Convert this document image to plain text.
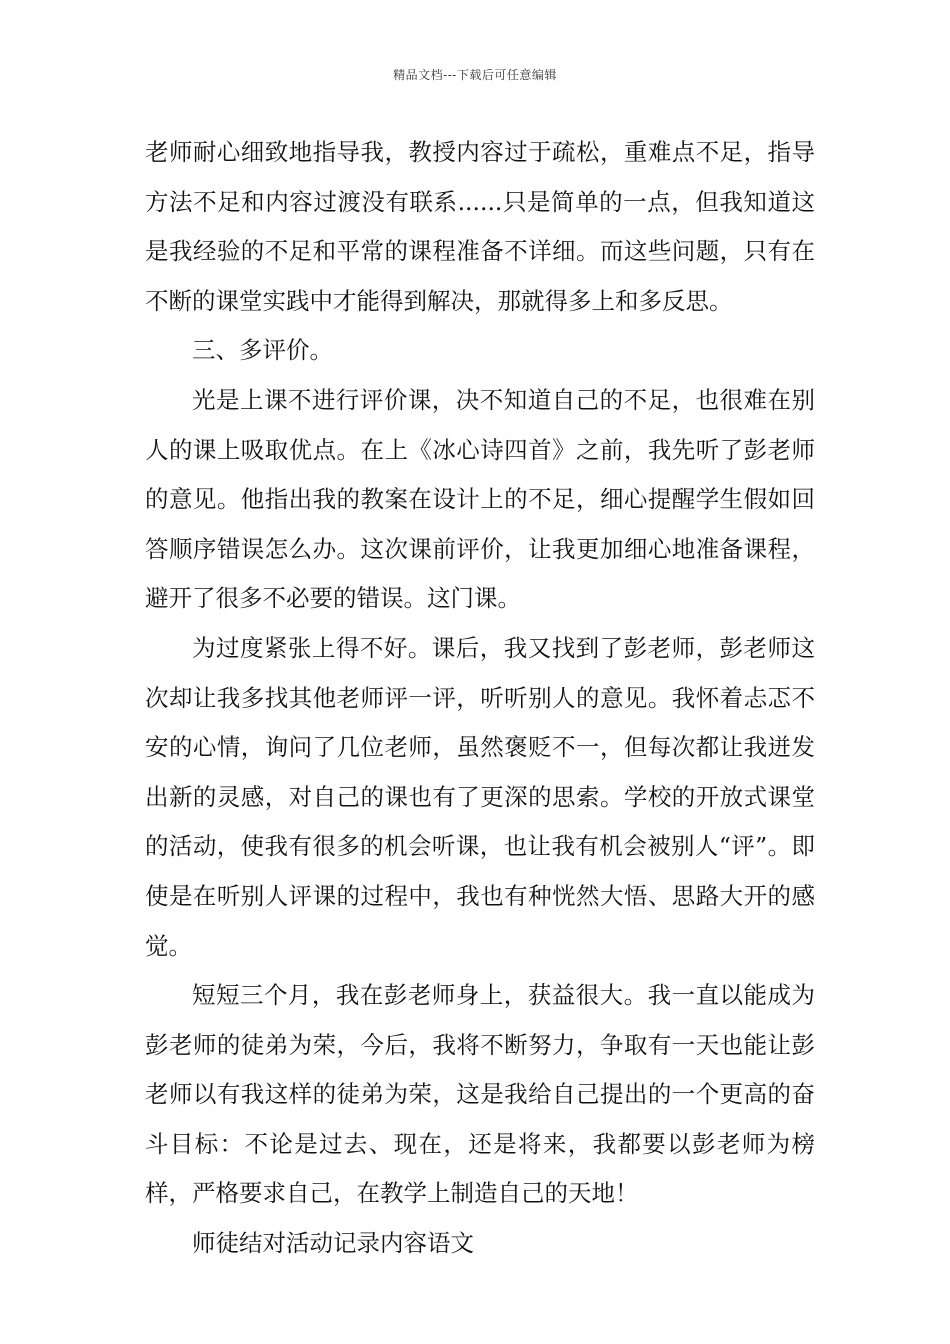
精品文档---下载后可任意编辑

老师耐心细致地指导我，教授内容过于疏松，重难点不足，指导方法不足和内容过渡没有联系......只是简单的一点，但我知道这是我经验的不足和平常的课程准备不详细。而这些问题，只有在不断的课堂实践中才能得到解决，那就得多上和多反思。

三、多评价。

光是上课不进行评价课，决不知道自己的不足，也很难在别人的课上吸取优点。在上《冰心诗四首》之前，我先听了彭老师的意见。他指出我的教案在设计上的不足，细心提醒学生假如回答顺序错误怎么办。这次课前评价，让我更加细心地准备课程，避开了很多不必要的错误。这门课。

为过度紧张上得不好。课后，我又找到了彭老师，彭老师这次却让我多找其他老师评一评，听听别人的意见。我怀着忐忑不安的心情，询问了几位老师，虽然褒贬不一，但每次都让我迸发出新的灵感，对自己的课也有了更深的思索。学校的开放式课堂的活动，使我有很多的机会听课，也让我有机会被别人“评”。即使是在听别人评课的过程中，我也有种恍然大悟、思路大开的感觉。

短短三个月，我在彭老师身上，获益很大。我一直以能成为彭老师的徒弟为荣，今后，我将不断努力，争取有一天也能让彭老师以有我这样的徒弟为荣，这是我给自己提出的一个更高的奋斗目标：不论是过去、现在，还是将来，我都要以彭老师为榜样，严格要求自己，在教学上制造自己的天地！

师徒结对活动记录内容语文
